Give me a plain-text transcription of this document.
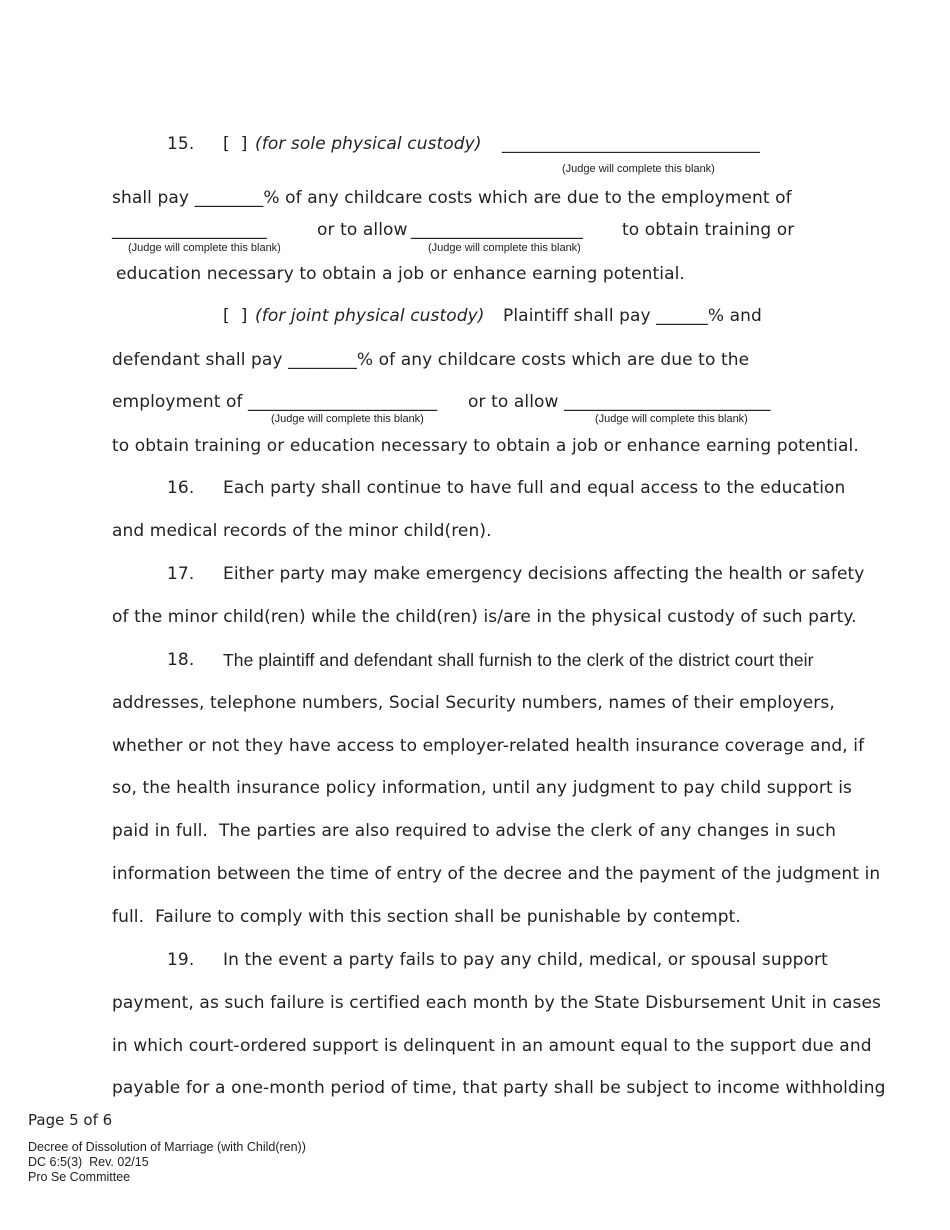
15. [  ] (for sole physical custody) ______________________________
(Judge will complete this blank)
shall pay ________% of any childcare costs which are due to the employment of
__________________	or to allow ____________________ to obtain training or
(Judge will complete this blank)	(Judge will complete this blank)
education necessary to obtain a job or enhance earning potential.
[  ] (for joint physical custody) Plaintiff shall pay ______% and
defendant shall pay ________% of any childcare costs which are due to the
employment of ______________________ or to allow ________________________
(Judge will complete this blank)	(Judge will complete this blank)
to obtain training or education necessary to obtain a job or enhance earning potential.
16. Each party shall continue to have full and equal access to the education
and medical records of the minor child(ren).
17. Either party may make emergency decisions affecting the health or safety
of the minor child(ren) while the child(ren) is/are in the physical custody of such party.
18. The plaintiff and defendant shall furnish to the clerk of the district court their
addresses, telephone numbers, Social Security numbers, names of their employers,
whether or not they have access to employer-related health insurance coverage and, if
so, the health insurance policy information, until any judgment to pay child support is
paid in full.  The parties are also required to advise the clerk of any changes in such
information between the time of entry of the decree and the payment of the judgment in
full.  Failure to comply with this section shall be punishable by contempt.
19. In the event a party fails to pay any child, medical, or spousal support
payment, as such failure is certified each month by the State Disbursement Unit in cases
in which court-ordered support is delinquent in an amount equal to the support due and
payable for a one-month period of time, that party shall be subject to income withholding
Page 5 of 6
Decree of Dissolution of Marriage (with Child(ren))
DC 6:5(3)  Rev. 02/15
Pro Se Committee
